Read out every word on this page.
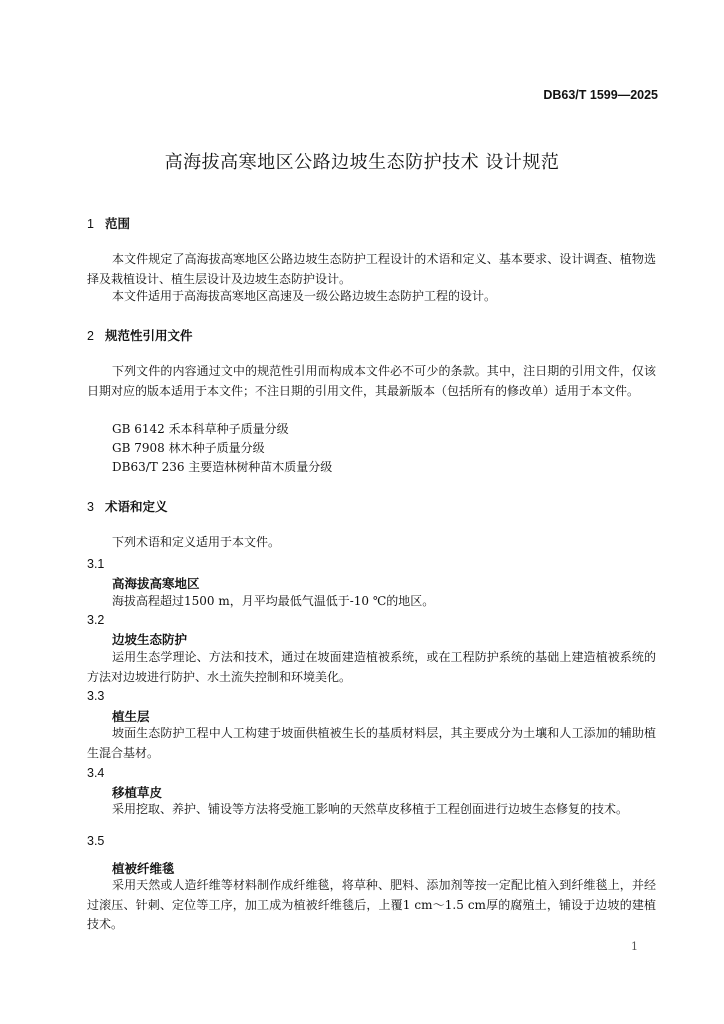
DB63/T 1599—2025
高海拔高寒地区公路边坡生态防护技术 设计规范
1 范围
本文件规定了高海拔高寒地区公路边坡生态防护工程设计的术语和定义、基本要求、设计调查、植物选择及栽植设计、植生层设计及边坡生态防护设计。
本文件适用于高海拔高寒地区高速及一级公路边坡生态防护工程的设计。
2 规范性引用文件
下列文件的内容通过文中的规范性引用而构成本文件必不可少的条款。其中，注日期的引用文件，仅该日期对应的版本适用于本文件；不注日期的引用文件，其最新版本（包括所有的修改单）适用于本文件。
GB 6142 禾本科草种子质量分级
GB 7908 林木种子质量分级
DB63/T 236 主要造林树种苗木质量分级
3 术语和定义
下列术语和定义适用于本文件。
3.1
高海拔高寒地区
海拔高程超过1500 m，月平均最低气温低于-10 ℃的地区。
3.2
边坡生态防护
运用生态学理论、方法和技术，通过在坡面建造植被系统，或在工程防护系统的基础上建造植被系统的方法对边坡进行防护、水土流失控制和环境美化。
3.3
植生层
坡面生态防护工程中人工构建于坡面供植被生长的基质材料层，其主要成分为土壤和人工添加的辅助植生混合基材。
3.4
移植草皮
采用挖取、养护、铺设等方法将受施工影响的天然草皮移植于工程创面进行边坡生态修复的技术。
3.5
植被纤维毯
采用天然或人造纤维等材料制作成纤维毯，将草种、肥料、添加剂等按一定配比植入到纤维毯上，并经过滚压、针刺、定位等工序，加工成为植被纤维毯后，上覆1 cm～1.5 cm厚的腐殖土，铺设于边坡的建植技术。
1
